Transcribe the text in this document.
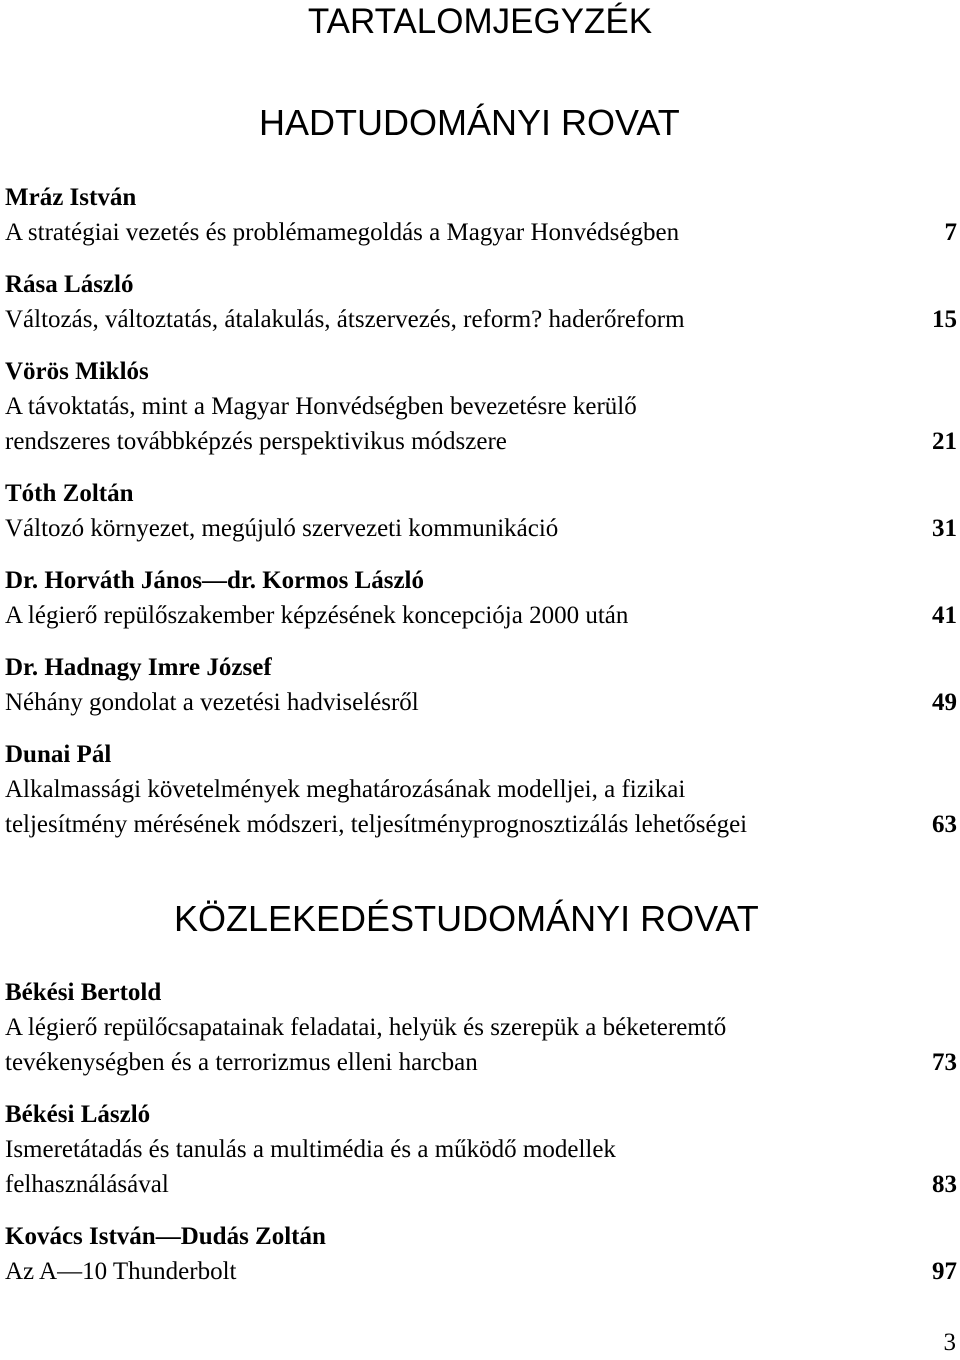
TARTALOMJEGYZÉK
HADTUDOMÁNYI ROVAT
Mráz István
A stratégiai vezetés és problémamegoldás a Magyar Honvédségben	7
Rása László
Változás, változtatás, átalakulás, átszervezés, reform? haderőreform	15
Vörös Miklós
A távoktatás, mint a Magyar Honvédségben bevezetésre kerülő
rendszeres továbbképzés perspektivikus módszere	21
Tóth Zoltán
Változó környezet, megújuló szervezeti kommunikáció	31
Dr. Horváth János—dr. Kormos László
A légierő repülőszakember képzésének koncepciója 2000 után	41
Dr. Hadnagy Imre József
Néhány gondolat a vezetési hadviselésről	49
Dunai Pál
Alkalmassági követelmények meghatározásának modelljei, a fizikai
teljesítmény mérésének módszeri, teljesítményprognosztizálás lehetőségei	63
KÖZLEKEDÉSTUDOMÁNYI ROVAT
Békési Bertold
A légierő repülőcsapatainak feladatai, helyük és szerepük a béketeremtő
tevékenységben és a terrorizmus elleni harcban	73
Békési László
Ismeretátadás és tanulás a multimédia és a működő modellek
felhasználásával	83
Kovács István—Dudás Zoltán
Az A—10 Thunderbolt	97
3
